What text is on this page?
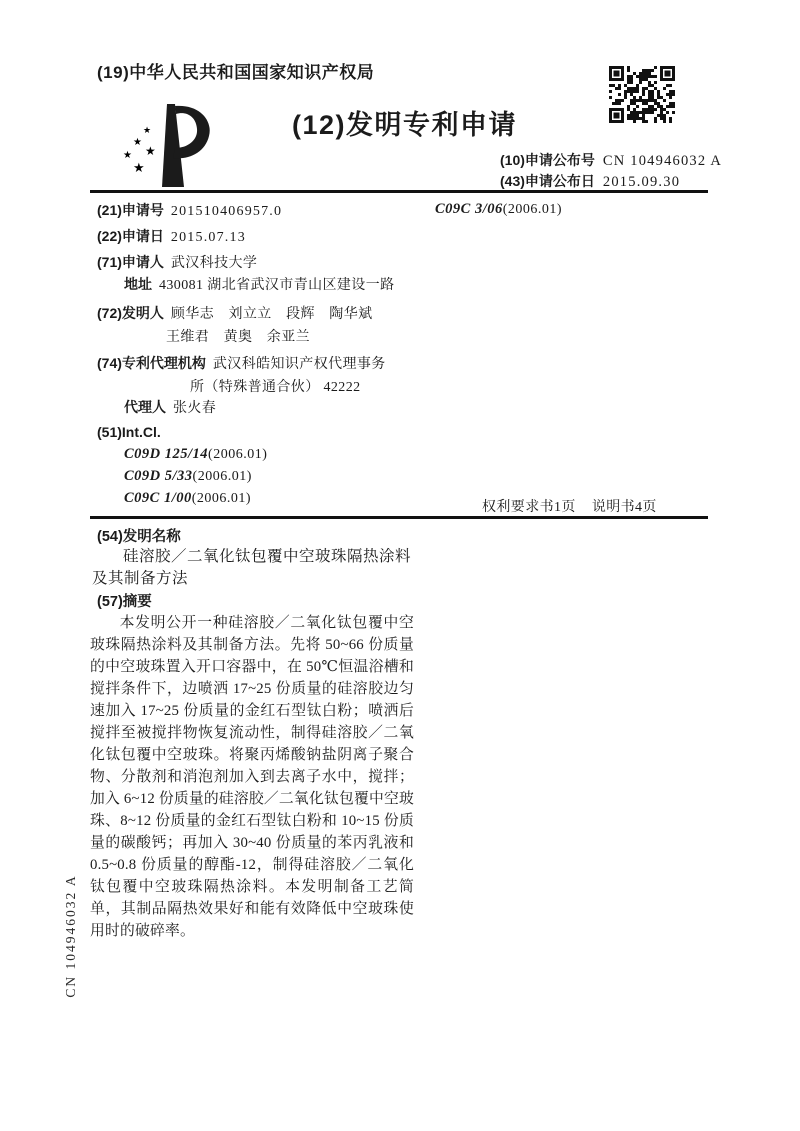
(19)中华人民共和国国家知识产权局
★
★
★
★
★
(12)发明专利申请
(10)申请公布号 CN 104946032 A
(43)申请公布日 2015.09.30
(21)申请号 201510406957.0
(22)申请日 2015.07.13
(71)申请人 武汉科技大学
地址 430081 湖北省武汉市青山区建设一路
(72)发明人 顾华志　刘立立　段辉　陶华斌
王维君　黄奥　余亚兰
(74)专利代理机构 武汉科皓知识产权代理事务
所（特殊普通合伙） 42222
代理人 张火春
(51)Int.Cl.
C09D 125/14(2006.01)
C09D 5/33(2006.01)
C09C 1/00(2006.01)
C09C 3/06(2006.01)
权利要求书1页 说明书4页
(54)发明名称
硅溶胶／二氧化钛包覆中空玻珠隔热涂料及其制备方法
(57)摘要
本发明公开一种硅溶胶／二氧化钛包覆中空玻珠隔热涂料及其制备方法。先将 50~66 份质量的中空玻珠置入开口容器中，在 50℃恒温浴槽和搅拌条件下，边喷洒 17~25 份质量的硅溶胶边匀速加入 17~25 份质量的金红石型钛白粉；喷洒后搅拌至被搅拌物恢复流动性，制得硅溶胶／二氧化钛包覆中空玻珠。将聚丙烯酸钠盐阴离子聚合物、分散剂和消泡剂加入到去离子水中，搅拌；加入 6~12 份质量的硅溶胶／二氧化钛包覆中空玻珠、8~12 份质量的金红石型钛白粉和 10~15 份质量的碳酸钙；再加入 30~40 份质量的苯丙乳液和 0.5~0.8 份质量的醇酯-12，制得硅溶胶／二氧化钛包覆中空玻珠隔热涂料。本发明制备工艺简单，其制品隔热效果好和能有效降低中空玻珠使用时的破碎率。
CN 104946032 A
